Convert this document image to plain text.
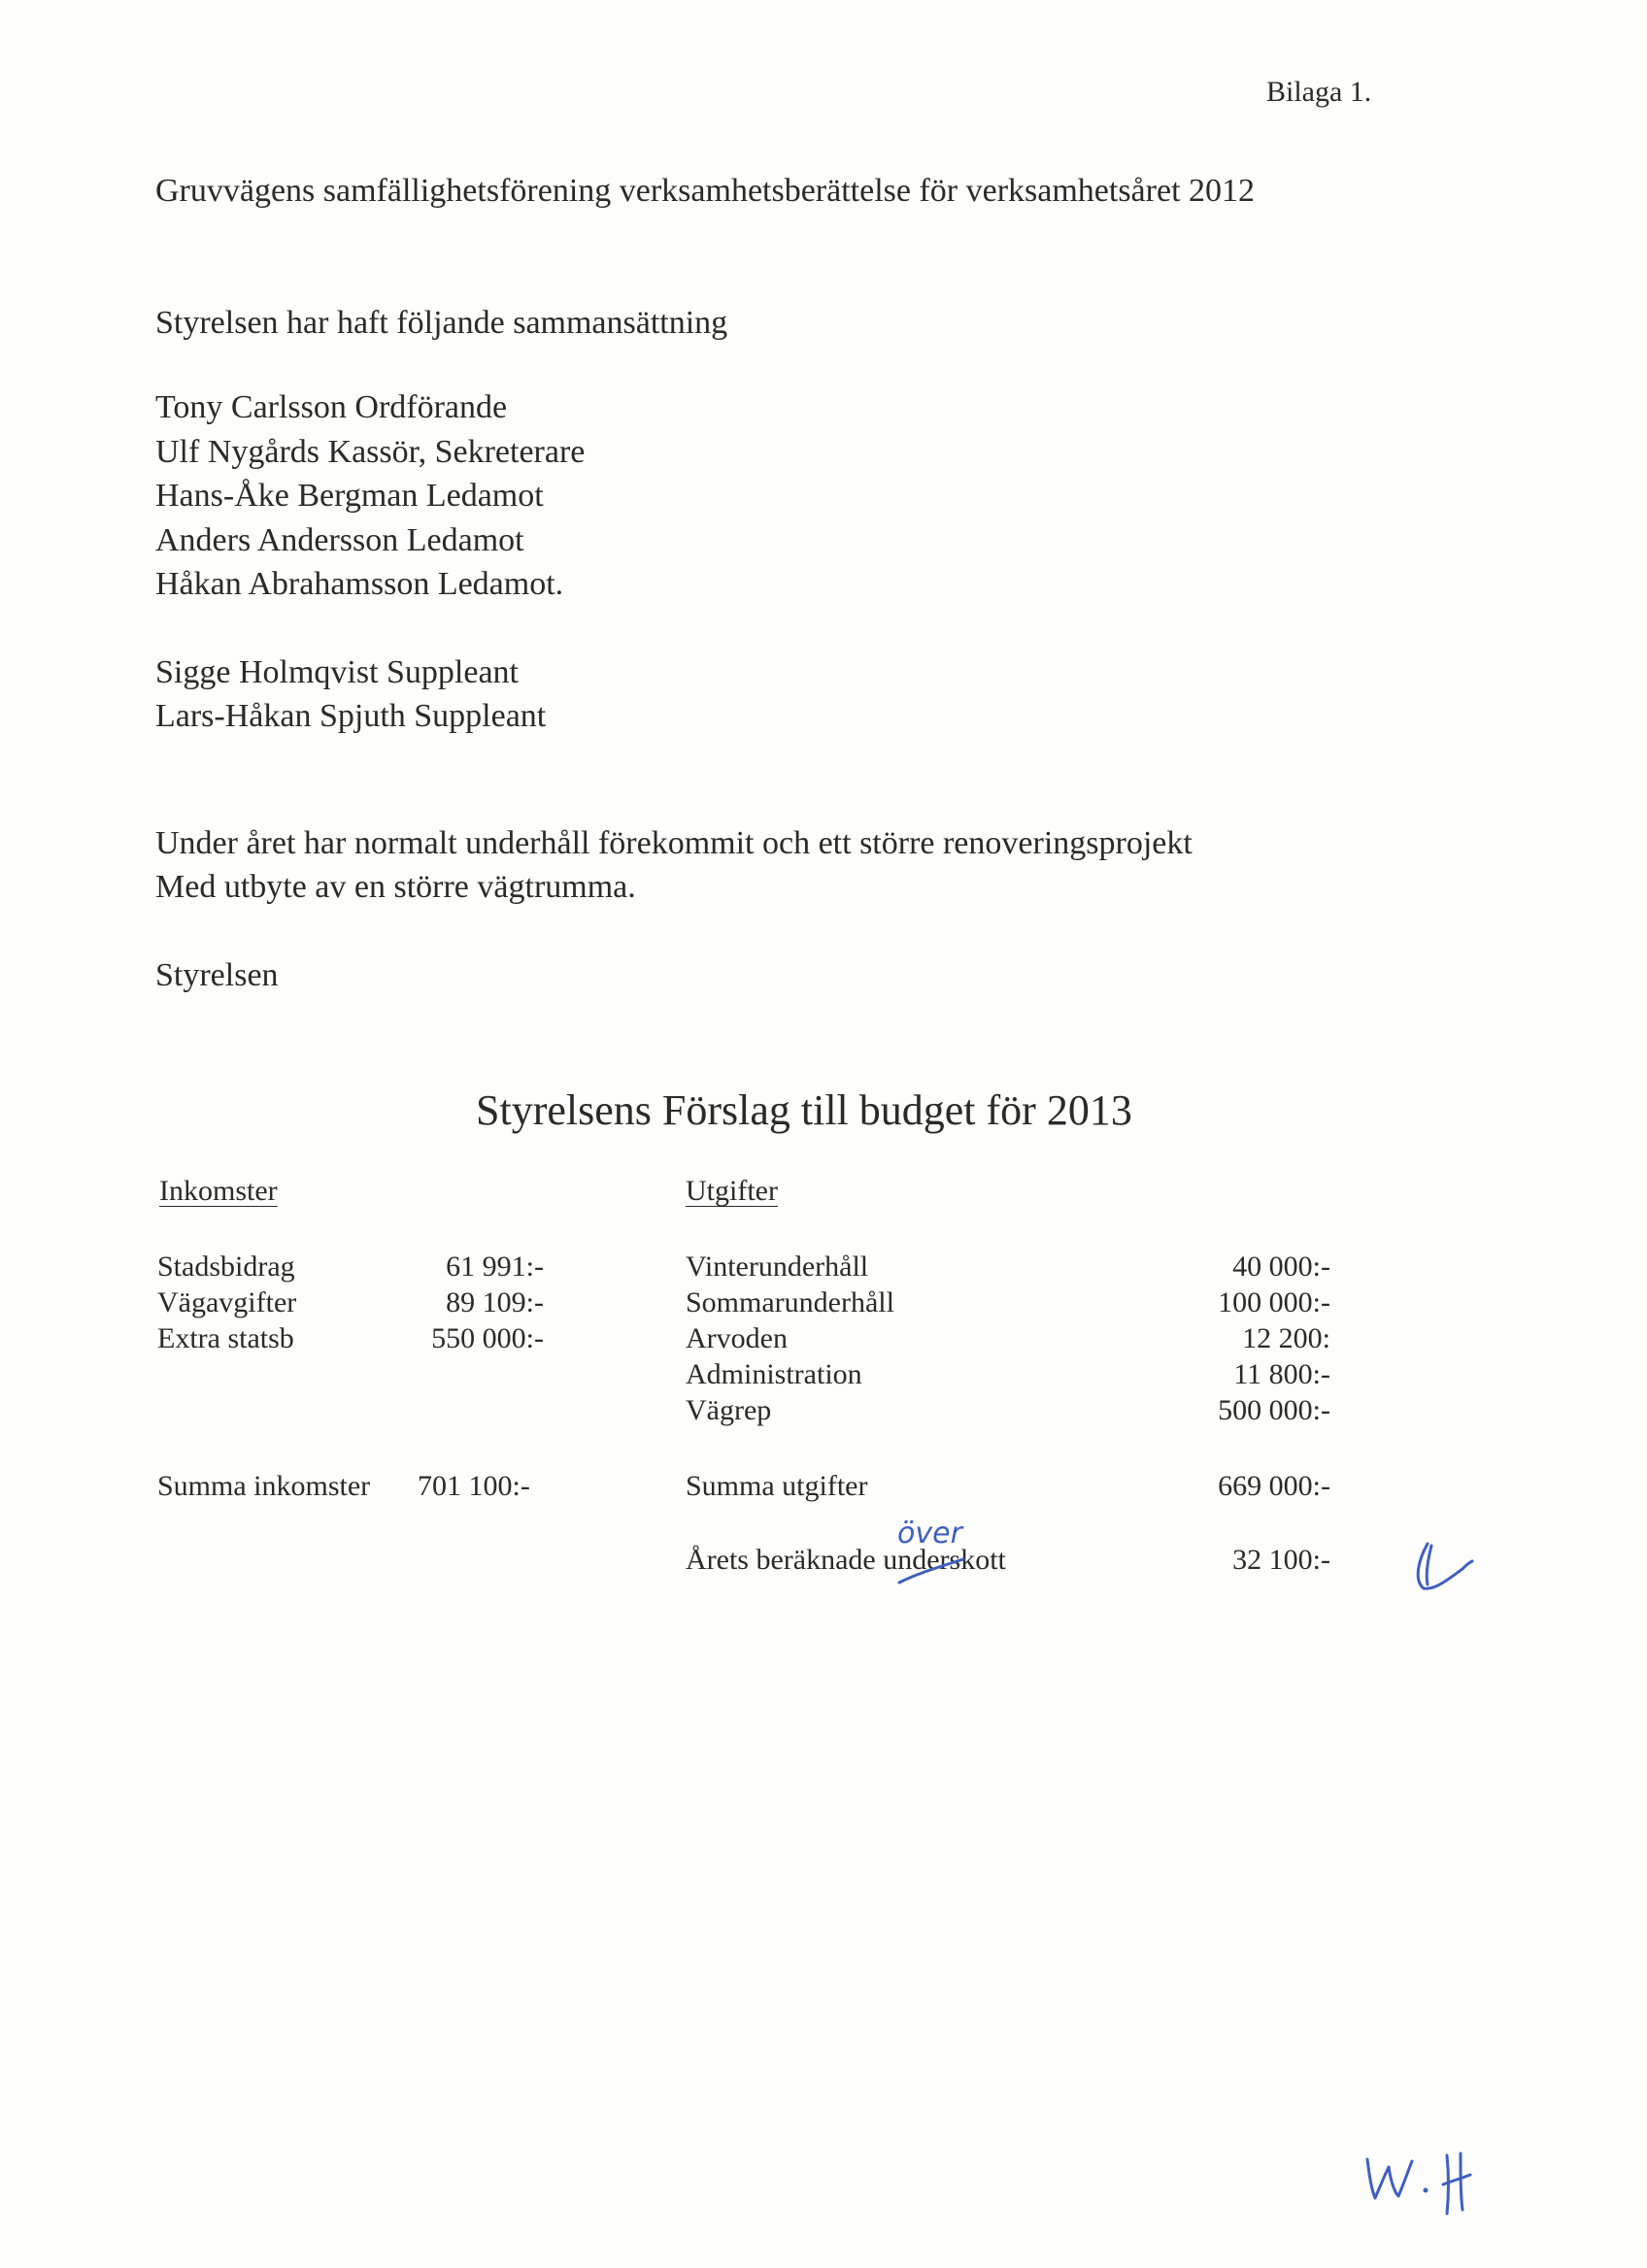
Bilaga 1.
Gruvvägens samfällighetsförening verksamhetsberättelse för verksamhetsåret 2012
Styrelsen har haft följande sammansättning
Tony Carlsson Ordförande
Ulf Nygårds Kassör, Sekreterare
Hans-Åke Bergman Ledamot
Anders Andersson Ledamot
Håkan Abrahamsson Ledamot.
Sigge Holmqvist Suppleant
Lars-Håkan Spjuth Suppleant
Under året har normalt underhåll förekommit och ett större renoveringsprojekt
Med utbyte av en större vägtrumma.
Styrelsen
Styrelsens Förslag till budget för 2013
Inkomster	Utgifter
Stadsbidrag	61 991:-
Vägavgifter	89 109:-
Extra statsb	550 000:-
Vinterunderhåll	40 000:-
Sommarunderhåll	100 000:-
Arvoden	12 200:
Administration	11 800:-
Vägrep	500 000:-
Summa inkomster 701 100:-	Summa utgifter	669 000:-
Årets beräknade underskott	32 100:-
över
